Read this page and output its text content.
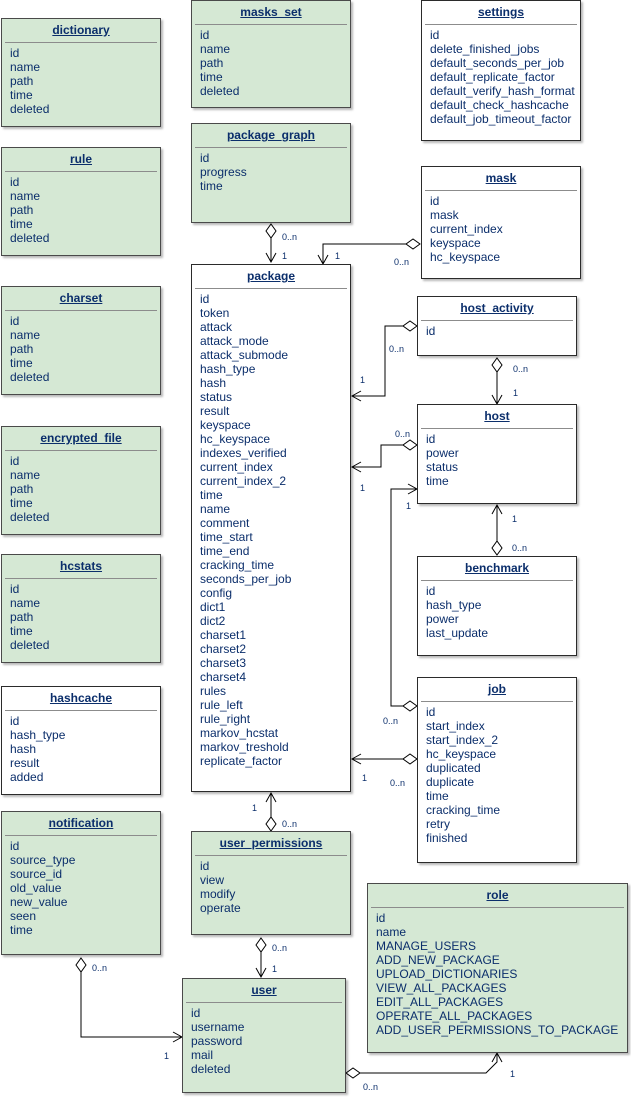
0..n
1
0..n
1
0..n
1
0..n
1
0..n
1
0..n
1
0..n
1
0..n
1
0..n
1
0..n
1
0..n
1
0..n
1
dictionary
id
name
path
time
deleted
rule
id
name
path
time
deleted
charset
id
name
path
time
deleted
encrypted_file
id
name
path
time
deleted
hcstats
id
name
path
time
deleted
hashcache
id
hash_type
hash
result
added
notification
id
source_type
source_id
old_value
new_value
seen
time
masks_set
id
name
path
time
deleted
package_graph
id
progress
time
package
id
token
attack
attack_mode
attack_submode
hash_type
hash
status
result
keyspace
hc_keyspace
indexes_verified
current_index
current_index_2
time
name
comment
time_start
time_end
cracking_time
seconds_per_job
config
dict1
dict2
charset1
charset2
charset3
charset4
rules
rule_left
rule_right
markov_hcstat
markov_treshold
replicate_factor
user_permissions
id
view
modify
operate
user
id
username
password
mail
deleted
settings
id
delete_finished_jobs
default_seconds_per_job
default_replicate_factor
default_verify_hash_format
default_check_hashcache
default_job_timeout_factor
mask
id
mask
current_index
keyspace
hc_keyspace
host_activity
id
host
id
power
status
time
benchmark
id
hash_type
power
last_update
job
id
start_index
start_index_2
hc_keyspace
duplicated
duplicate
time
cracking_time
retry
finished
role
id
name
MANAGE_USERS
ADD_NEW_PACKAGE
UPLOAD_DICTIONARIES
VIEW_ALL_PACKAGES
EDIT_ALL_PACKAGES
OPERATE_ALL_PACKAGES
ADD_USER_PERMISSIONS_TO_PACKAGE
